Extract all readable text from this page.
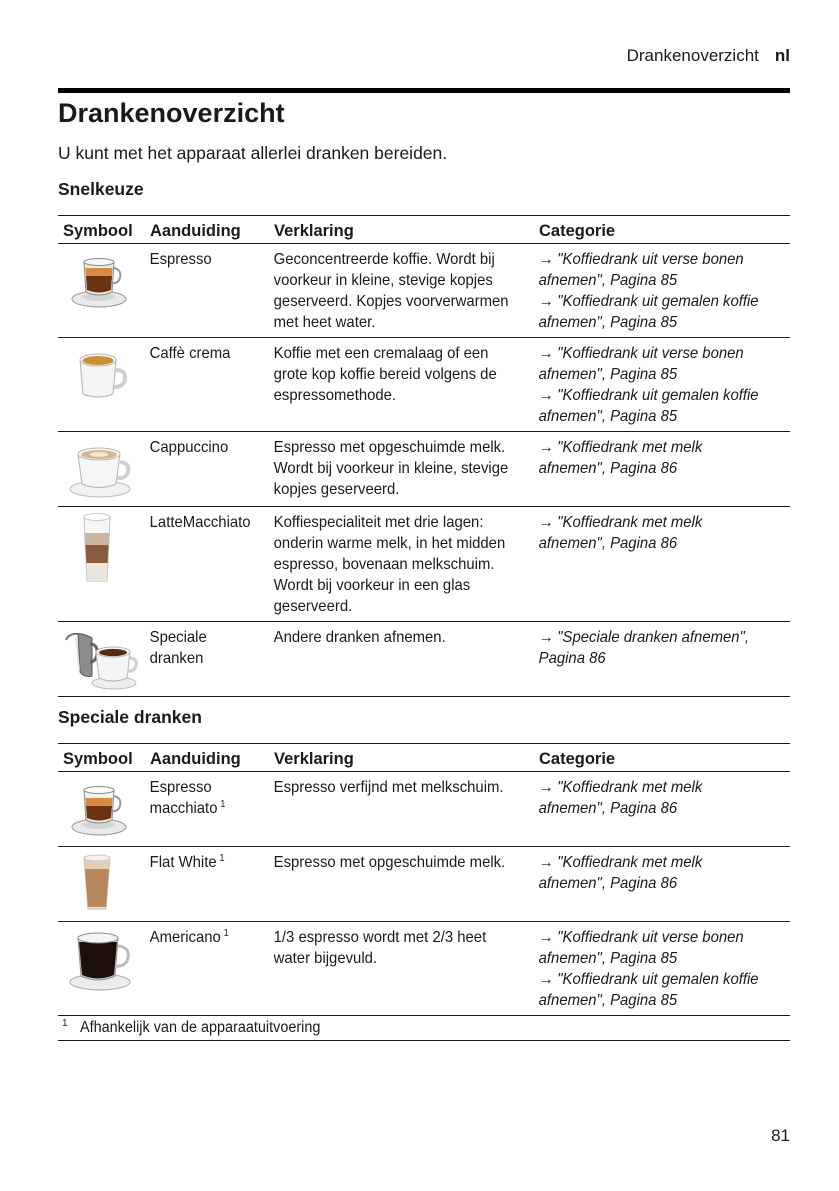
Drankenoverzicht nl
Drankenoverzicht

U kunt met het apparaat allerlei dranken bereiden.

Snelkeuze
Symbool	Aanduiding	Verklaring	Categorie

	Espresso	Geconcentreerde koffie. Wordt bij voorkeur in kleine, stevige kopjes geserveerd. Kopjes voorverwarmen met heet water.	→ "Koffiedrank uit verse bonen afnemen", Pagina 85
→ "Koffiedrank uit gemalen koffie afnemen", Pagina 85

	Caffè crema	Koffie met een cremalaag of een grote kop koffie bereid volgens de espressomethode.	→ "Koffiedrank uit verse bonen afnemen", Pagina 85
→ "Koffiedrank uit gemalen koffie afnemen", Pagina 85

	Cappuccino	Espresso met opgeschuimde melk. Wordt bij voorkeur in kleine, stevige kopjes geserveerd.	→ "Koffiedrank met melk afnemen", Pagina 86

	LatteMacchiato	Koffiespecialiteit met drie lagen: onderin warme melk, in het midden espresso, bovenaan melkschuim. Wordt bij voorkeur in een glas geserveerd.	→ "Koffiedrank met melk afnemen", Pagina 86

	Speciale dranken	Andere dranken afnemen.	→ "Speciale dranken afnemen", Pagina 86
Speciale dranken
Symbool	Aanduiding	Verklaring	Categorie

	Espresso macchiato $^1$	Espresso verfijnd met melkschuim.	→ "Koffiedrank met melk afnemen", Pagina 86

	Flat White $^1$	Espresso met opgeschuimde melk.	→ "Koffiedrank met melk afnemen", Pagina 86

	Americano $^1$	1/3 espresso wordt met 2/3 heet water bijgevuld.	→ "Koffiedrank uit verse bonen afnemen", Pagina 85
→ "Koffiedrank uit gemalen koffie afnemen", Pagina 85
$^1$ Afhankelijk van de apparaatuitvoering
81
